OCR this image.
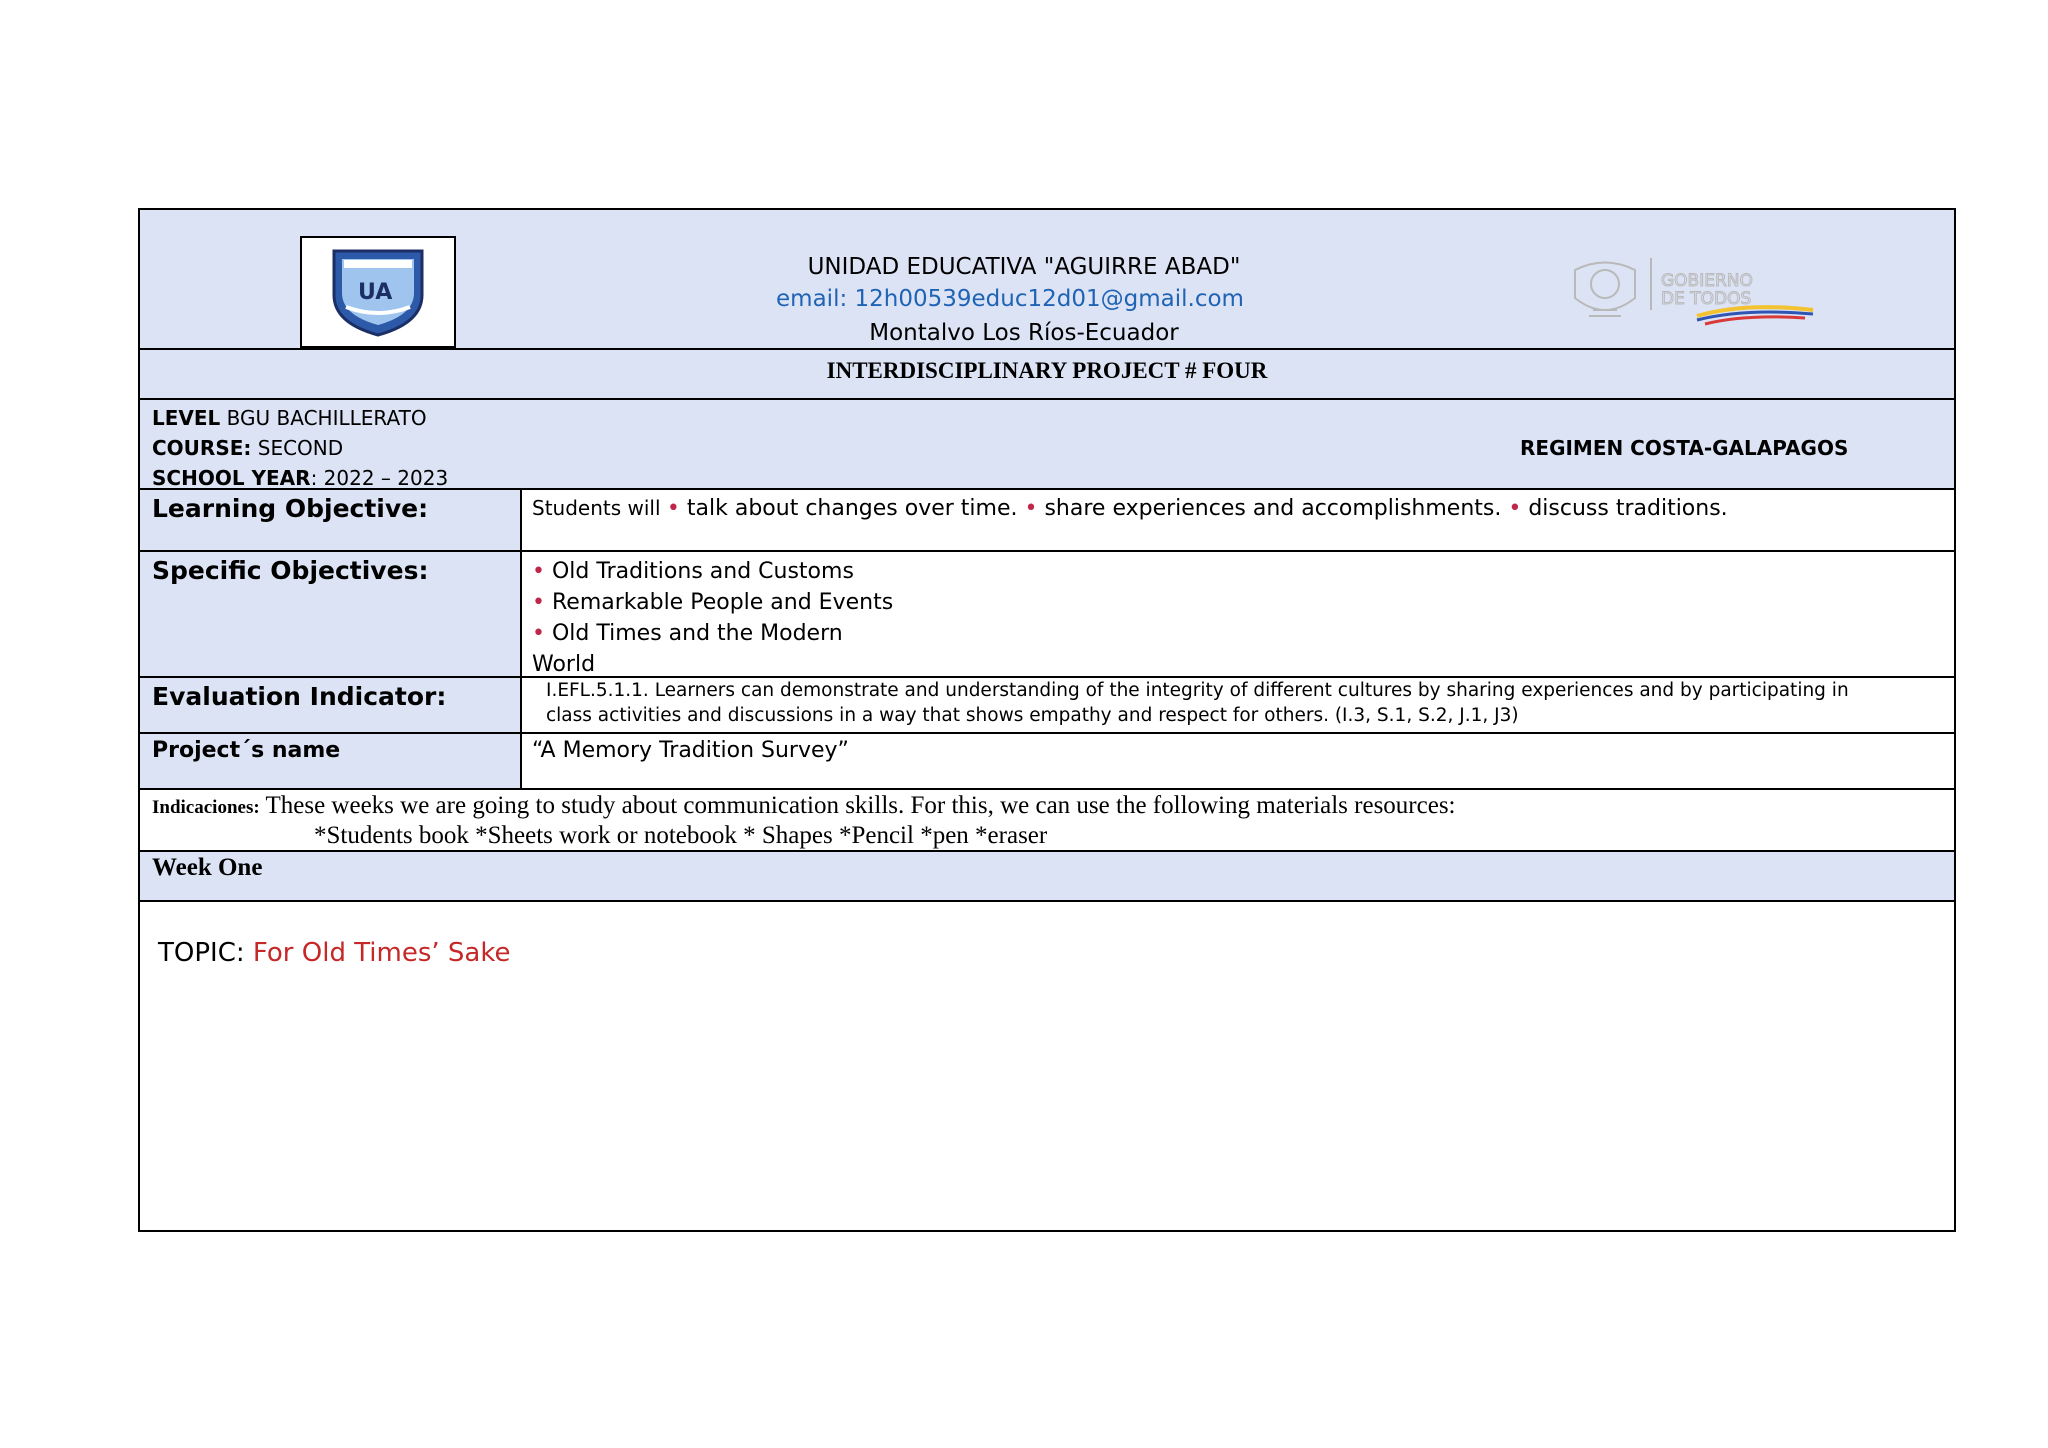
UA
UNIDAD EDUCATIVA "AGUIRRE ABAD"
email: 12h00539educ12d01@gmail.com
Montalvo Los Ríos-Ecuador
GOBIERNO
DE TODOS
INTERDISCIPLINARY PROJECT # FOUR
LEVEL BGU BACHILLERATO
COURSE: SECOND
SCHOOL YEAR: 2022 – 2023
REGIMEN COSTA-GALAPAGOS
Learning Objective:	Students will • talk about changes over time. • share experiences and accomplishments. • discuss traditions.
Specific Objectives:	• Old Traditions and Customs
• Remarkable People and Events
• Old Times and the Modern
World
Evaluation Indicator:	I.EFL.5.1.1. Learners can demonstrate and understanding of the integrity of different cultures by sharing experiences and by participating in
class activities and discussions in a way that shows empathy and respect for others. (I.3, S.1, S.2, J.1, J3)
Project´s name	“A Memory Tradition Survey”
Indicaciones: These weeks we are going to study about communication skills. For this, we can use the following materials resources:
*Students book *Sheets work or notebook * Shapes *Pencil *pen *eraser
Week One
TOPIC: For Old Times’ Sake
